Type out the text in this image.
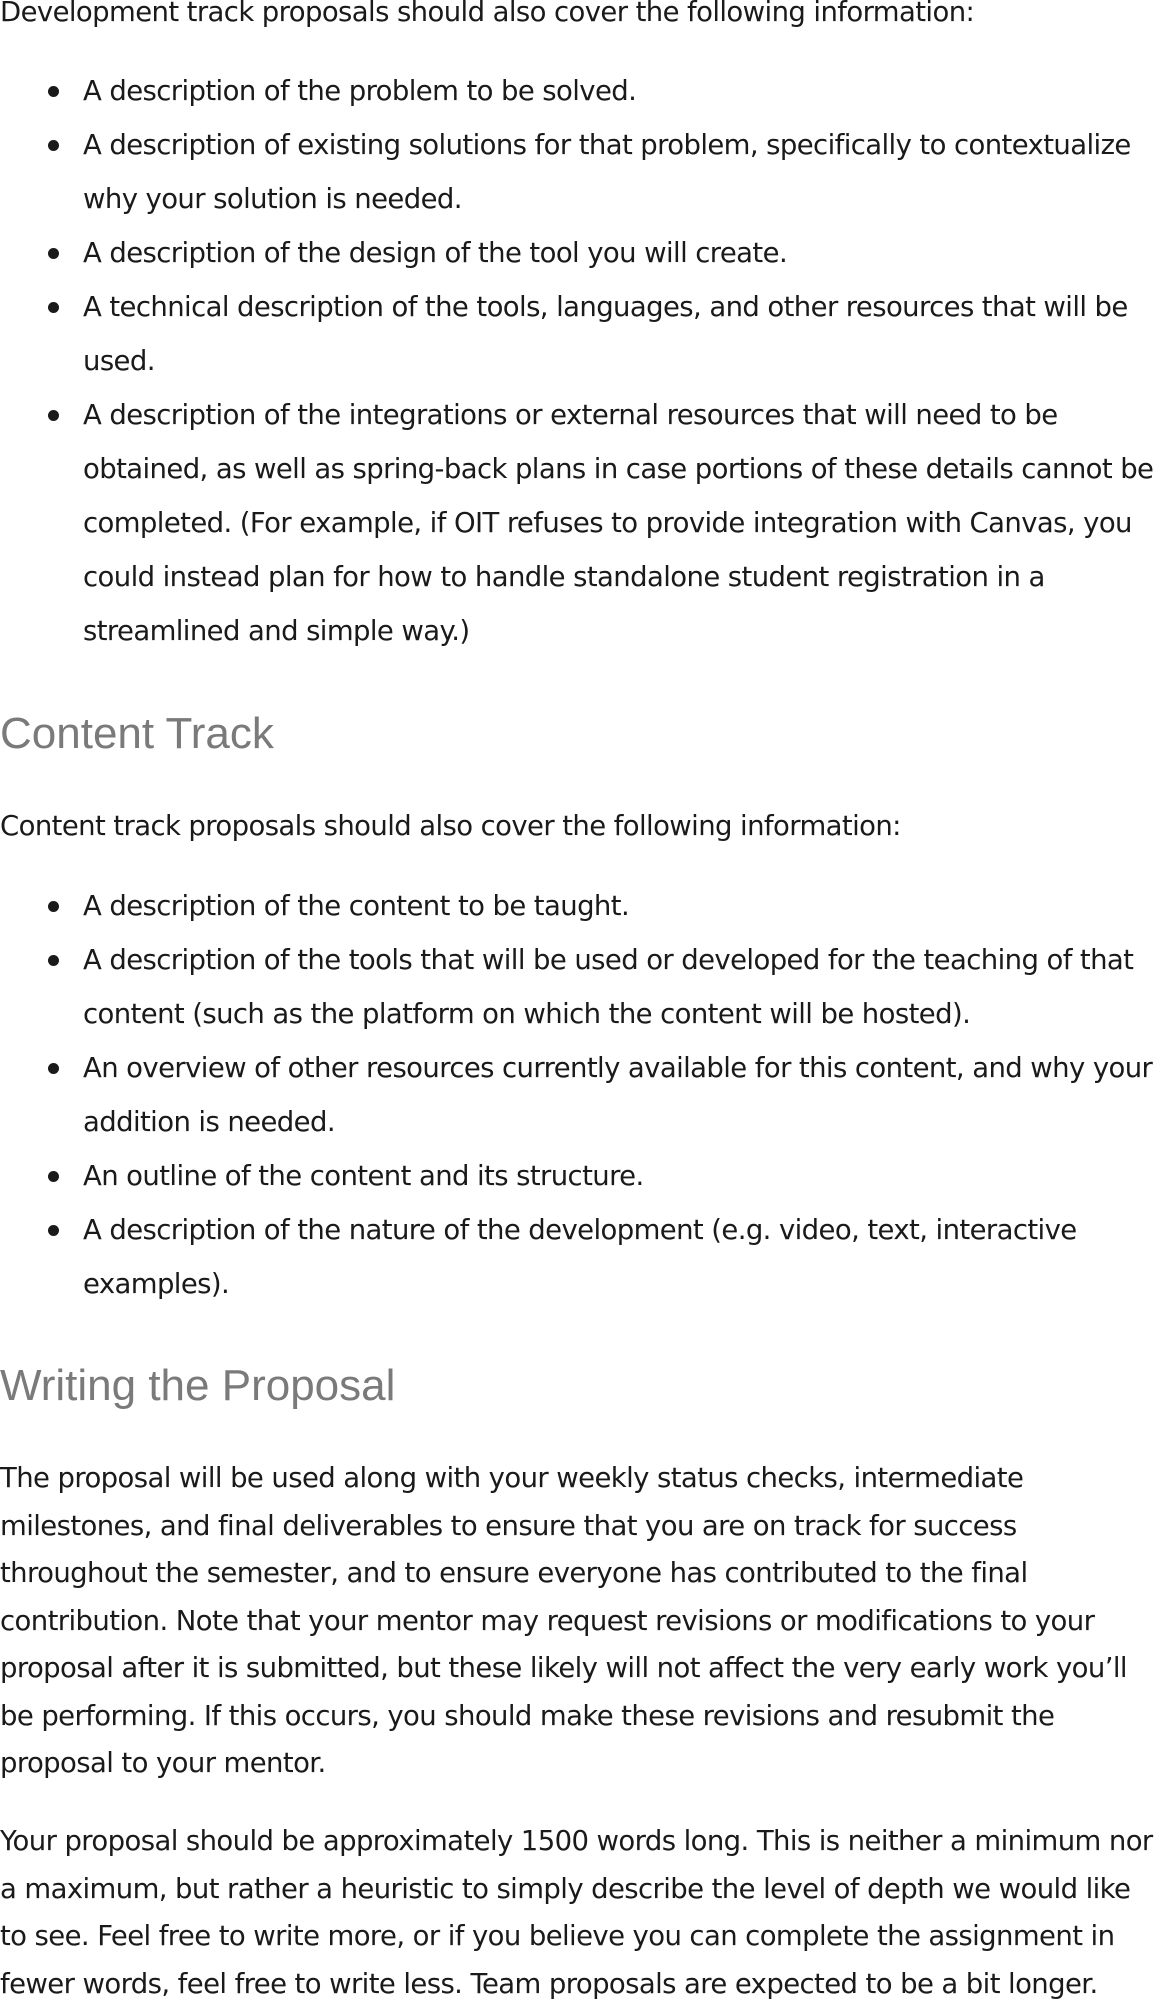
Development track proposals should also cover the following information:

A description of the problem to be solved.
A description of existing solutions for that problem, specifically to contextualize why your solution is needed.
A description of the design of the tool you will create.
A technical description of the tools, languages, and other resources that will be used.
A description of the integrations or external resources that will need to be obtained, as well as spring-back plans in case portions of these details cannot be completed. (For example, if OIT refuses to provide integration with Canvas, you could instead plan for how to handle standalone student registration in a streamlined and simple way.)
Content Track

Content track proposals should also cover the following information:

A description of the content to be taught.
A description of the tools that will be used or developed for the teaching of that content (such as the platform on which the content will be hosted).
An overview of other resources currently available for this content, and why your addition is needed.
An outline of the content and its structure.
A description of the nature of the development (e.g. video, text, interactive examples).
Writing the Proposal

The proposal will be used along with your weekly status checks, intermediate milestones, and final deliverables to ensure that you are on track for success throughout the semester, and to ensure everyone has contributed to the final contribution. Note that your mentor may request revisions or modifications to your proposal after it is submitted, but these likely will not affect the very early work you’ll be performing. If this occurs, you should make these revisions and resubmit the proposal to your mentor.

Your proposal should be approximately 1500 words long. This is neither a minimum nor a maximum, but rather a heuristic to simply describe the level of depth we would like to see. Feel free to write more, or if you believe you can complete the assignment in fewer words, feel free to write less. Team proposals are expected to be a bit longer.
